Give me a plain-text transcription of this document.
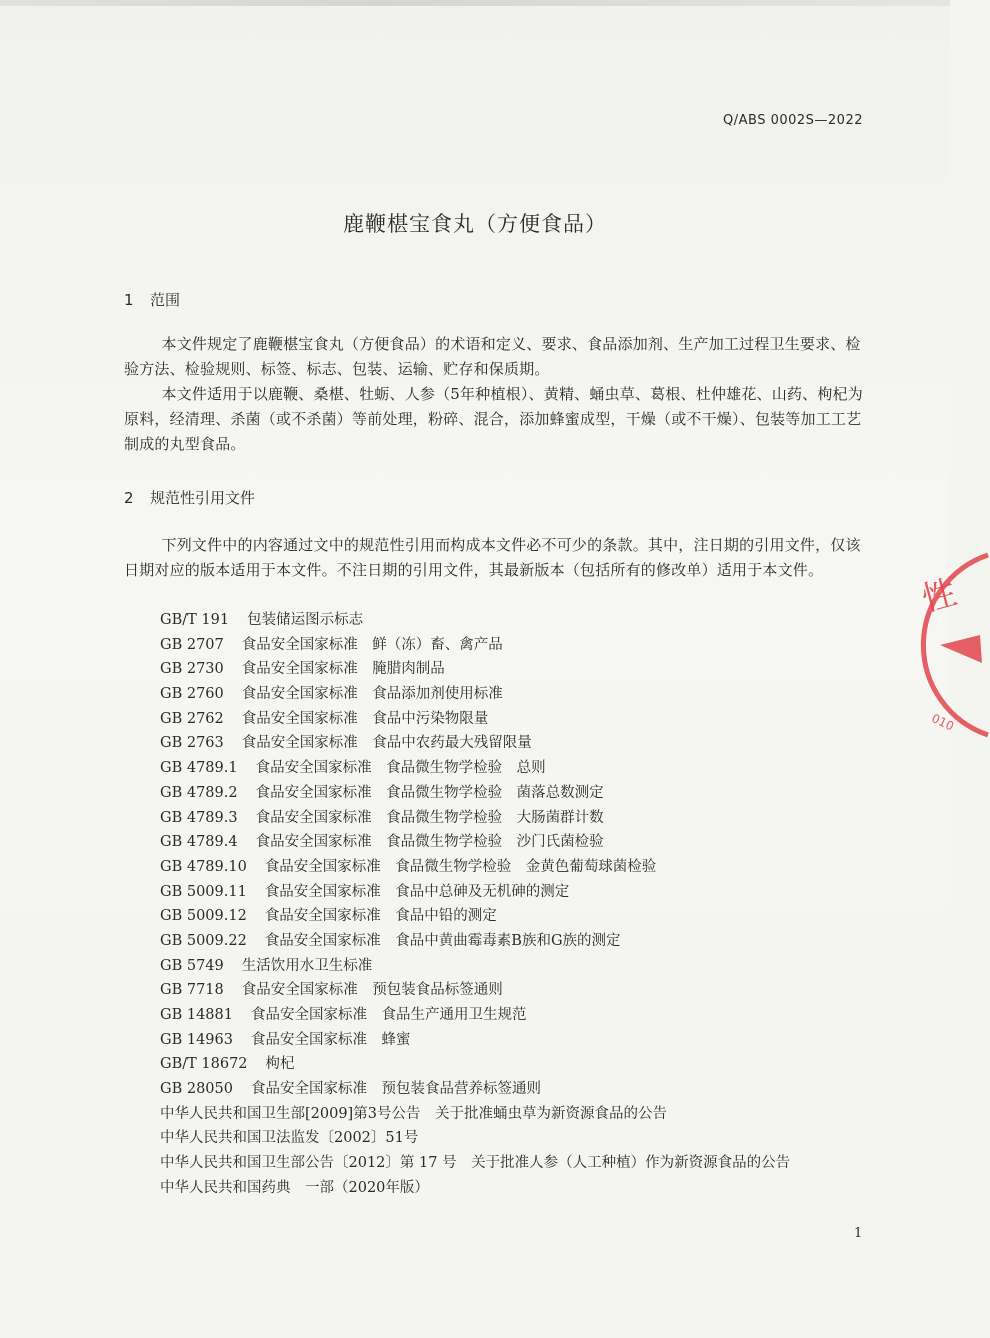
Q/ABS 0002S—2022
鹿鞭椹宝食丸（方便食品）
1 范围
本文件规定了鹿鞭椹宝食丸（方便食品）的术语和定义、要求、食品添加剂、生产加工过程卫生要求、检验方法、检验规则、标签、标志、包装、运输、贮存和保质期。
本文件适用于以鹿鞭、桑椹、牡蛎、人参（5年种植根）、黄精、蛹虫草、葛根、杜仲雄花、山药、枸杞为原料，经清理、杀菌（或不杀菌）等前处理，粉碎、混合，添加蜂蜜成型，干燥（或不干燥）、包装等加工工艺制成的丸型食品。
2 规范性引用文件
下列文件中的内容通过文中的规范性引用而构成本文件必不可少的条款。其中，注日期的引用文件，仅该日期对应的版本适用于本文件。不注日期的引用文件，其最新版本（包括所有的修改单）适用于本文件。
GB/T 191 包装储运图示标志
GB 2707 食品安全国家标准　鲜（冻）畜、禽产品
GB 2730 食品安全国家标准　腌腊肉制品
GB 2760 食品安全国家标准　食品添加剂使用标准
GB 2762 食品安全国家标准　食品中污染物限量
GB 2763 食品安全国家标准　食品中农药最大残留限量
GB 4789.1 食品安全国家标准　食品微生物学检验　总则
GB 4789.2 食品安全国家标准　食品微生物学检验　菌落总数测定
GB 4789.3 食品安全国家标准　食品微生物学检验　大肠菌群计数
GB 4789.4 食品安全国家标准　食品微生物学检验　沙门氏菌检验
GB 4789.10 食品安全国家标准　食品微生物学检验　金黄色葡萄球菌检验
GB 5009.11 食品安全国家标准　食品中总砷及无机砷的测定
GB 5009.12 食品安全国家标准　食品中铅的测定
GB 5009.22 食品安全国家标准　食品中黄曲霉毒素B族和G族的测定
GB 5749 生活饮用水卫生标准
GB 7718 食品安全国家标准　预包装食品标签通则
GB 14881 食品安全国家标准　食品生产通用卫生规范
GB 14963 食品安全国家标准　蜂蜜
GB/T 18672 枸杞
GB 28050 食品安全国家标准　预包装食品营养标签通则
中华人民共和国卫生部[2009]第3号公告　关于批准蛹虫草为新资源食品的公告
中华人民共和国卫法监发〔2002〕51号
中华人民共和国卫生部公告〔2012〕第 17 号　关于批准人参（人工种植）作为新资源食品的公告
中华人民共和国药典　一部（2020年版）
性
010
1
